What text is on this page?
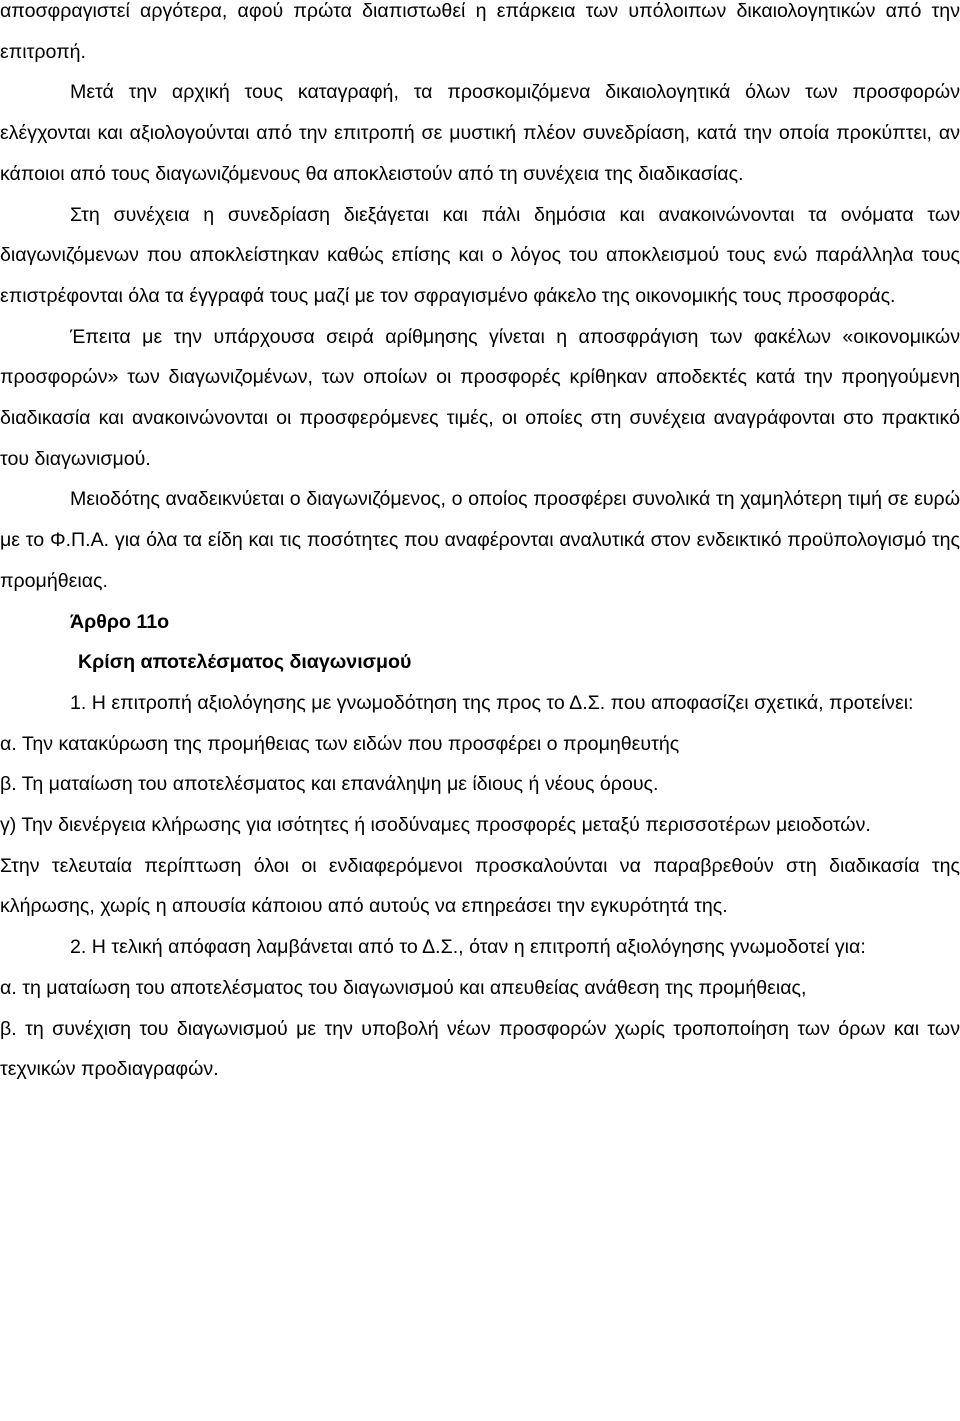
αποσφραγιστεί αργότερα, αφού πρώτα διαπιστωθεί η επάρκεια των υπόλοιπων δικαιολογητικών από την επιτροπή.

Μετά την αρχική τους καταγραφή, τα προσκομιζόμενα δικαιολογητικά όλων των προσφορών ελέγχονται και αξιολογούνται από την επιτροπή σε μυστική πλέον συνεδρίαση, κατά την οποία προκύπτει, αν κάποιοι από τους διαγωνιζόμενους θα αποκλειστούν από τη συνέχεια της διαδικασίας.

Στη συνέχεια η συνεδρίαση διεξάγεται και πάλι δημόσια και ανακοινώνονται τα ονόματα των διαγωνιζόμενων που αποκλείστηκαν καθώς επίσης και ο λόγος του αποκλεισμού τους ενώ παράλληλα τους επιστρέφονται όλα τα έγγραφά τους μαζί με τον σφραγισμένο φάκελο της οικονομικής τους προσφοράς.

Έπειτα με την υπάρχουσα σειρά αρίθμησης γίνεται η αποσφράγιση των φακέλων «οικονομικών προσφορών» των διαγωνιζομένων, των οποίων οι προσφορές κρίθηκαν αποδεκτές κατά την προηγούμενη διαδικασία και ανακοινώνονται οι προσφερόμενες τιμές, οι οποίες στη συνέχεια αναγράφονται στο πρακτικό του διαγωνισμού.

Μειοδότης αναδεικνύεται ο διαγωνιζόμενος, ο οποίος προσφέρει συνολικά τη χαμηλότερη τιμή σε ευρώ με το Φ.Π.Α. για όλα τα είδη και τις ποσότητες που αναφέρονται αναλυτικά στον ενδεικτικό προϋπολογισμό της προμήθειας.

Άρθρο 11ο

Κρίση αποτελέσματος διαγωνισμού

1. Η επιτροπή αξιολόγησης με γνωμοδότηση της προς το Δ.Σ. που αποφασίζει σχετικά, προτείνει:

α. Την κατακύρωση της προμήθειας των ειδών που προσφέρει ο προμηθευτής

β. Τη ματαίωση του αποτελέσματος και επανάληψη με ίδιους ή νέους όρους.

γ) Την διενέργεια κλήρωσης για ισότητες ή ισοδύναμες προσφορές μεταξύ περισσοτέρων μειοδοτών.

Στην τελευταία περίπτωση όλοι οι ενδιαφερόμενοι προσκαλούνται να παραβρεθούν στη διαδικασία της κλήρωσης, χωρίς η απουσία κάποιου από αυτούς να επηρεάσει την εγκυρότητά της.

2. Η τελική απόφαση λαμβάνεται από το Δ.Σ., όταν η επιτροπή αξιολόγησης γνωμοδοτεί για:

α. τη ματαίωση του αποτελέσματος του διαγωνισμού και απευθείας ανάθεση της προμήθειας,

β. τη συνέχιση του διαγωνισμού με την υποβολή νέων προσφορών χωρίς τροποποίηση των όρων και των τεχνικών προδιαγραφών.
